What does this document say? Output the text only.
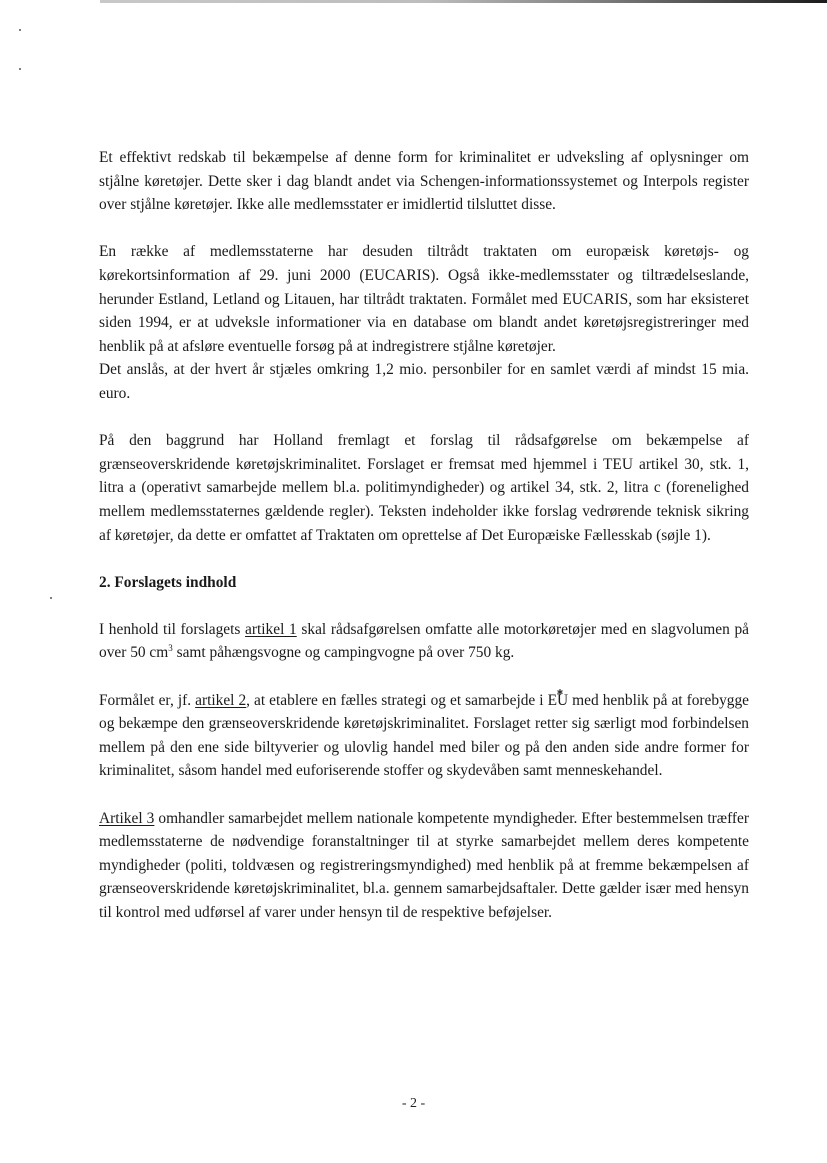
Et effektivt redskab til bekæmpelse af denne form for kriminalitet er udveksling af oplysninger om stjålne køretøjer. Dette sker i dag blandt andet via Schengen-informationssystemet og Interpols register over stjålne køretøjer. Ikke alle medlemsstater er imidlertid tilsluttet disse.

En række af medlemsstaterne har desuden tiltrådt traktaten om europæisk køretøjs- og kørekortsinformation af 29. juni 2000 (EUCARIS). Også ikke-medlemsstater og tiltrædelseslande, herunder Estland, Letland og Litauen, har tiltrådt traktaten. Formålet med EUCARIS, som har eksisteret siden 1994, er at udveksle informationer via en database om blandt andet køretøjsregistreringer med henblik på at afsløre eventuelle forsøg på at indregistrere stjålne køretøjer.

Det anslås, at der hvert år stjæles omkring 1,2 mio. personbiler for en samlet værdi af mindst 15 mia. euro.

På den baggrund har Holland fremlagt et forslag til rådsafgørelse om bekæmpelse af grænseoverskridende køretøjskriminalitet. Forslaget er fremsat med hjemmel i TEU artikel 30, stk. 1, litra a (operativt samarbejde mellem bl.a. politimyndigheder) og artikel 34, stk. 2, litra c (forenelighed mellem medlemsstaternes gældende regler). Teksten indeholder ikke forslag vedrørende teknisk sikring af køretøjer, da dette er omfattet af Traktaten om oprettelse af Det Europæiske Fællesskab (søjle 1).

2. Forslagets indhold

I henhold til forslagets artikel 1 skal rådsafgørelsen omfatte alle motorkøretøjer med en slagvolumen på over 50 $cm^3$ samt påhængsvogne og campingvogne på over 750 kg.

Formålet er, jf. artikel 2, at etablere en fælles strategi og et samarbejde i ✱ EU med henblik på at forebygge og bekæmpe den grænseoverskridende køretøjskriminalitet. Forslaget retter sig særligt mod forbindelsen mellem på den ene side biltyverier og ulovlig handel med biler og på den anden side andre former for kriminalitet, såsom handel med euforiserende stoffer og skydevåben samt menneskehandel.

Artikel 3 omhandler samarbejdet mellem nationale kompetente myndigheder. Efter bestemmelsen træffer medlemsstaterne de nødvendige foranstaltninger til at styrke samarbejdet mellem deres kompetente myndigheder (politi, toldvæsen og registreringsmyndighed) med henblik på at fremme bekæmpelsen af grænseoverskridende køretøjskriminalitet, bl.a. gennem samarbejdsaftaler. Dette gælder især med hensyn til kontrol med udførsel af varer under hensyn til de respektive beføjelser.

- 2 -
